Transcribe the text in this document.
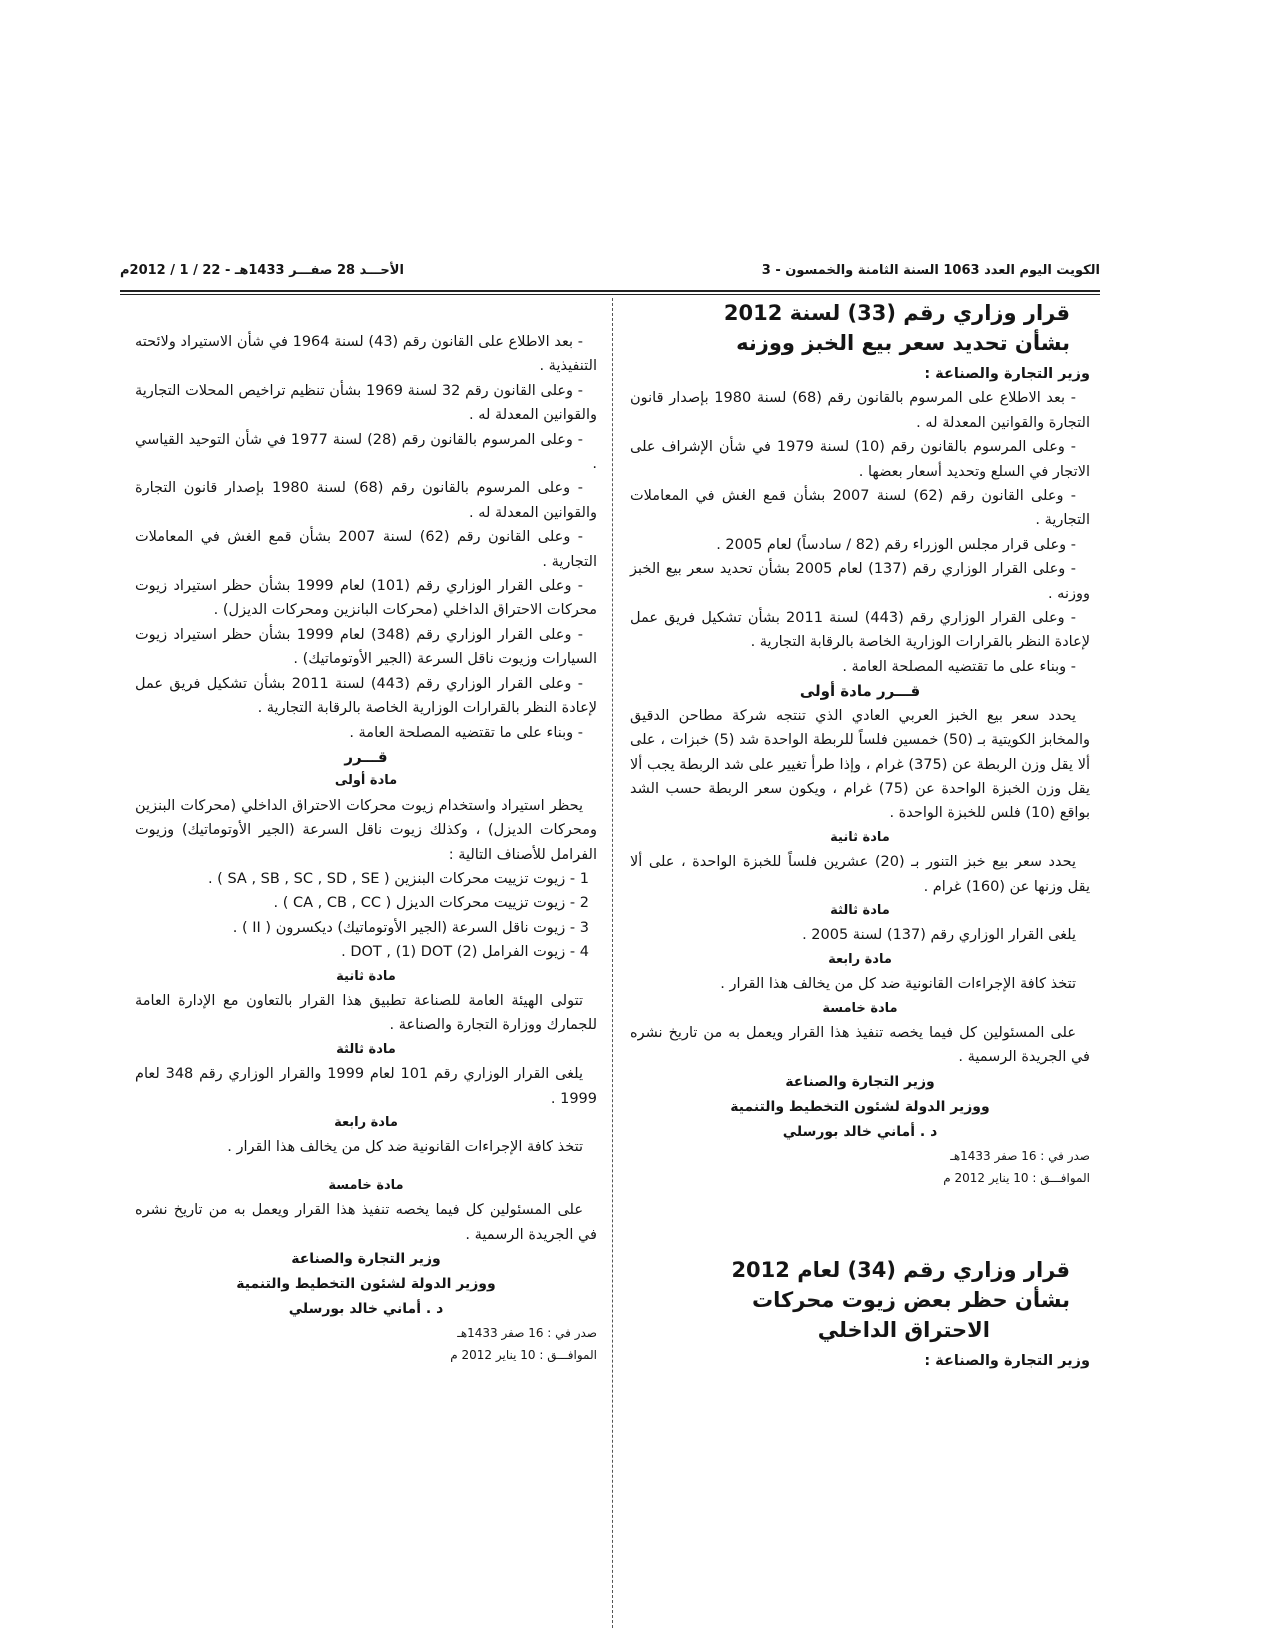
الكويت اليوم العدد 1063 السنة الثامنة والخمسون - 3
الأحـــد 28 صفـــر 1433هـ - 22 / 1 / 2012م

قرار وزاري رقم (33) لسنة 2012

بشأن تحديد سعر بيع الخبز ووزنه

وزير التجارة والصناعة :

- بعد الاطلاع على المرسوم بالقانون رقم (68) لسنة 1980 بإصدار قانون التجارة والقوانين المعدلة له .

- وعلى المرسوم بالقانون رقم (10) لسنة 1979 في شأن الإشراف على الاتجار في السلع وتحديد أسعار بعضها .

- وعلى القانون رقم (62) لسنة 2007 بشأن قمع الغش في المعاملات التجارية .

- وعلى قرار مجلس الوزراء رقم (82 / سادساً) لعام 2005 .

- وعلى القرار الوزاري رقم (137) لعام 2005 بشأن تحديد سعر بيع الخبز ووزنه .

- وعلى القرار الوزاري رقم (443) لسنة 2011 بشأن تشكيل فريق عمل لإعادة النظر بالقرارات الوزارية الخاصة بالرقابة التجارية .

- وبناء على ما تقتضيه المصلحة العامة .

قـــرر مادة أولى

يحدد سعر بيع الخبز العربي العادي الذي تنتجه شركة مطاحن الدقيق والمخابز الكويتية بـ (50) خمسين فلساً للربطة الواحدة شد (5) خبزات ، على ألا يقل وزن الربطة عن (375) غرام ، وإذا طرأ تغيير على شد الربطة يجب ألا يقل وزن الخبزة الواحدة عن (75) غرام ، ويكون سعر الربطة حسب الشد بواقع (10) فلس للخبزة الواحدة .

مادة ثانية

يحدد سعر بيع خبز التنور بـ (20) عشرين فلساً للخبزة الواحدة ، على ألا يقل وزنها عن (160) غرام .

مادة ثالثة

يلغى القرار الوزاري رقم (137) لسنة 2005 .

مادة رابعة

تتخذ كافة الإجراءات القانونية ضد كل من يخالف هذا القرار .

مادة خامسة

على المسئولين كل فيما يخصه تنفيذ هذا القرار ويعمل به من تاريخ نشره في الجريدة الرسمية .

وزير التجارة والصناعة

ووزير الدولة لشئون التخطيط والتنمية

د . أماني خالد بورسلي

صدر في : 16 صفر 1433هـ

الموافـــق : 10 يناير 2012 م

قرار وزاري رقم (34) لعام 2012

بشأن حظر بعض زيوت محركات

الاحتراق الداخلي

وزير التجارة والصناعة :

- بعد الاطلاع على القانون رقم (43) لسنة 1964 في شأن الاستيراد ولائحته التنفيذية .

- وعلى القانون رقم 32 لسنة 1969 بشأن تنظيم تراخيص المحلات التجارية والقوانين المعدلة له .

- وعلى المرسوم بالقانون رقم (28) لسنة 1977 في شأن التوحيد القياسي .

- وعلى المرسوم بالقانون رقم (68) لسنة 1980 بإصدار قانون التجارة والقوانين المعدلة له .

- وعلى القانون رقم (62) لسنة 2007 بشأن قمع الغش في المعاملات التجارية .

- وعلى القرار الوزاري رقم (101) لعام 1999 بشأن حظر استيراد زيوت محركات الاحتراق الداخلي (محركات البانزين ومحركات الديزل) .

- وعلى القرار الوزاري رقم (348) لعام 1999 بشأن حظر استيراد زيوت السيارات وزيوت ناقل السرعة (الجير الأوتوماتيك) .

- وعلى القرار الوزاري رقم (443) لسنة 2011 بشأن تشكيل فريق عمل لإعادة النظر بالقرارات الوزارية الخاصة بالرقابة التجارية .

- وبناء على ما تقتضيه المصلحة العامة .

قـــرر

مادة أولى

يحظر استيراد واستخدام زيوت محركات الاحتراق الداخلي (محركات البنزين ومحركات الديزل) ، وكذلك زيوت ناقل السرعة (الجير الأوتوماتيك) وزيوت الفرامل للأصناف التالية :

1 - زيوت تزييت محركات البنزين ( SA , SB , SC , SD , SE ) .

2 - زيوت تزييت محركات الديزل ( CA , CB , CC ) .

3 - زيوت ناقل السرعة (الجير الأوتوماتيك) ديكسرون ( II ) .

4 - زيوت الفرامل (2) DOT , (1) DOT .

مادة ثانية

تتولى الهيئة العامة للصناعة تطبيق هذا القرار بالتعاون مع الإدارة العامة للجمارك ووزارة التجارة والصناعة .

مادة ثالثة

يلغى القرار الوزاري رقم 101 لعام 1999 والقرار الوزاري رقم 348 لعام 1999 .

مادة رابعة

تتخذ كافة الإجراءات القانونية ضد كل من يخالف هذا القرار .

مادة خامسة

على المسئولين كل فيما يخصه تنفيذ هذا القرار ويعمل به من تاريخ نشره في الجريدة الرسمية .

وزير التجارة والصناعة

ووزير الدولة لشئون التخطيط والتنمية

د . أماني خالد بورسلي

صدر في : 16 صفر 1433هـ

الموافـــق : 10 يناير 2012 م
